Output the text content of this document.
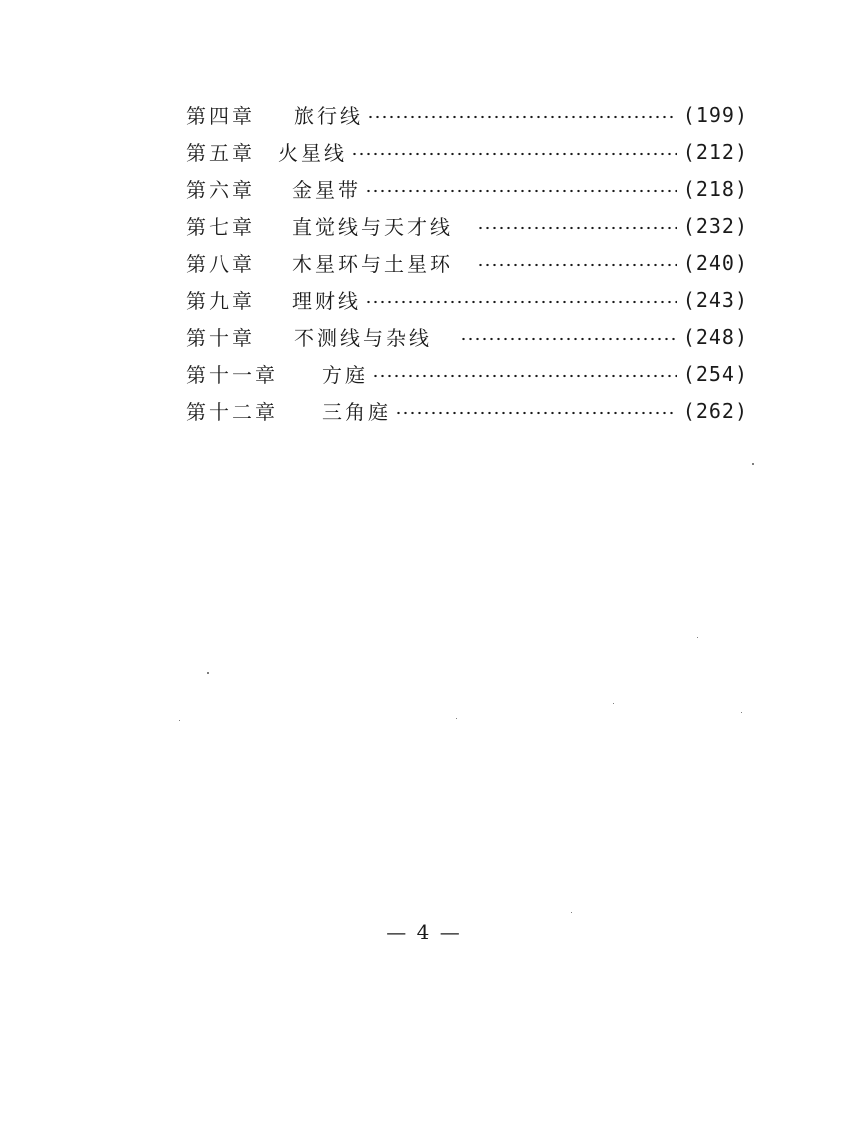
第四章	旅行线	(199)
第五章	火星线	(212)
第六章	金星带	(218)
第七章	直觉线与天才线	(232)
第八章	木星环与土星环	(240)
第九章	理财线	(243)
第十章	不测线与杂线	(248)
第十一章	方庭	(254)
第十二章	三角庭	(262)
— 4 —
